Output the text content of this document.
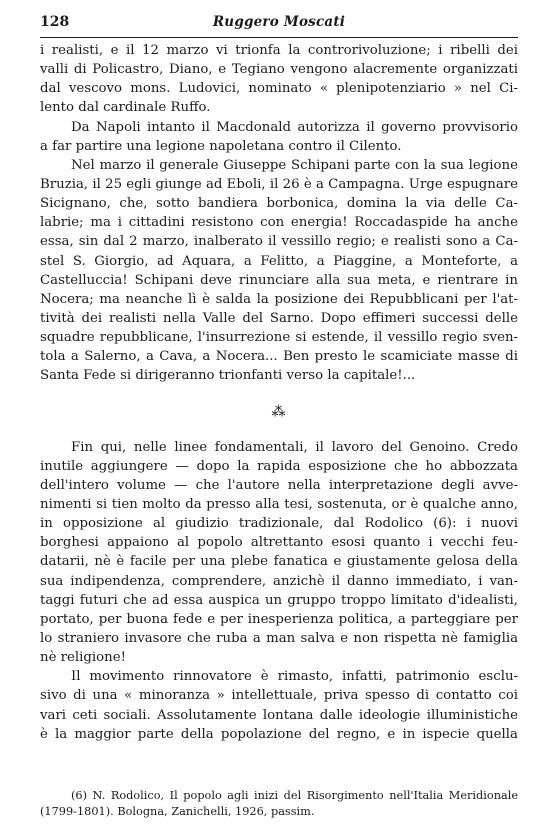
128	Ruggero Moscati
i realisti, e il 12 marzo vi trionfa la controrivoluzione; i ribelli dei
valli di Policastro, Diano, e Tegiano vengono alacremente organizzati
dal vescovo mons. Ludovici, nominato « plenipotenziario » nel Ci-
lento dal cardinale Ruffo.
Da Napoli intanto il Macdonald autorizza il governo provvisorio
a far partire una legione napoletana contro il Cilento.
Nel marzo il generale Giuseppe Schipani parte con la sua legione
Bruzia, il 25 egli giunge ad Eboli, il 26 è a Campagna. Urge espugnare
Sicignano, che, sotto bandiera borbonica, domina la via delle Ca-
labrie; ma i cittadini resistono con energia! Roccadaspide ha anche
essa, sin dal 2 marzo, inalberato il vessillo regio; e realisti sono a Ca-
stel S. Giorgio, ad Aquara, a Felitto, a Piaggine, a Monteforte, a
Castelluccia! Schipani deve rinunciare alla sua meta, e rientrare in
Nocera; ma neanche lì è salda la posizione dei Repubblicani per l'at-
tività dei realisti nella Valle del Sarno. Dopo effimeri successi delle
squadre repubblicane, l'insurrezione si estende, il vessillo regio sven-
tola a Salerno, a Cava, a Nocera... Ben presto le scamiciate masse di
Santa Fede si dirigeranno trionfanti verso la capitale!...
⁂
Fin qui, nelle linee fondamentali, il lavoro del Genoino. Credo
inutile aggiungere — dopo la rapida esposizione che ho abbozzata
dell'intero volume — che l'autore nella interpretazione degli avve-
nimenti si tien molto da presso alla tesi, sostenuta, or è qualche anno,
in opposizione al giudizio tradizionale, dal Rodolico (6): i nuovi
borghesi appaiono al popolo altrettanto esosi quanto i vecchi feu-
datarii, nè è facile per una plebe fanatica e giustamente gelosa della
sua indipendenza, comprendere, anzichè il danno immediato, i van-
taggi futuri che ad essa auspica un gruppo troppo limitato d'idealisti,
portato, per buona fede e per inesperienza politica, a parteggiare per
lo straniero invasore che ruba a man salva e non rispetta nè famiglia
nè religione!
Il movimento rinnovatore è rimasto, infatti, patrimonio esclu-
sivo di una « minoranza » intellettuale, priva spesso di contatto coi
vari ceti sociali. Assolutamente lontana dalle ideologie illuministiche
è la maggior parte della popolazione del regno, e in ispecie quella
(6) N. Rodolico, Il popolo agli inizi del Risorgimento nell'Italia Meridionale
(1799-1801). Bologna, Zanichelli, 1926, passim.
